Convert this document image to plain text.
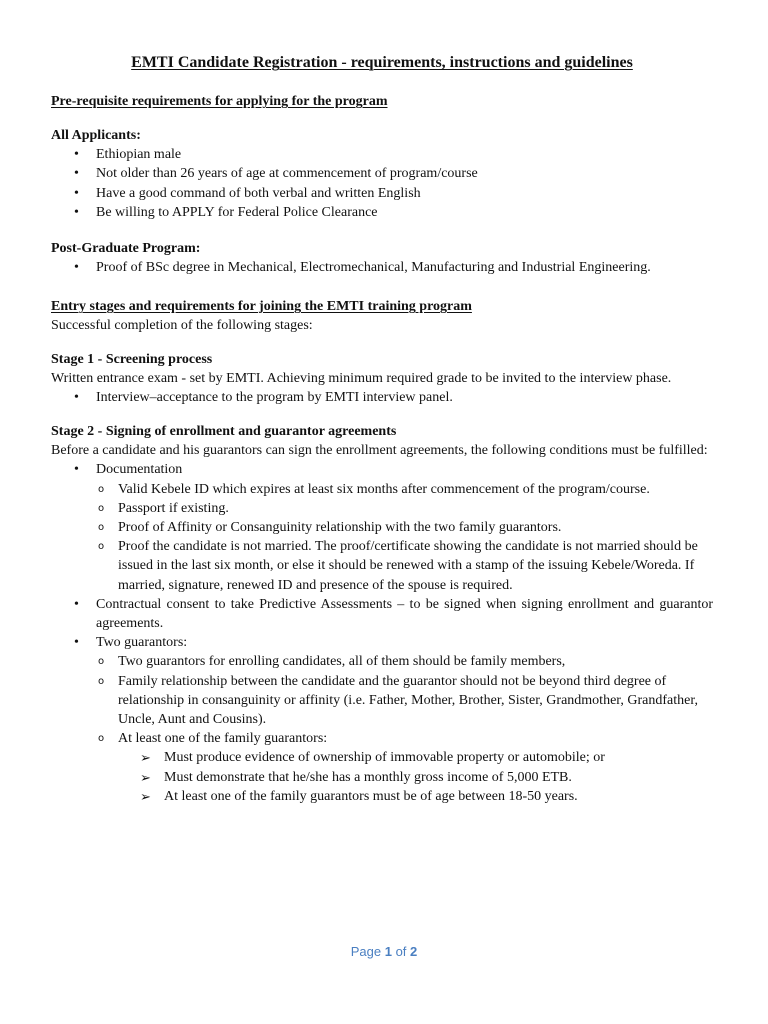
EMTI Candidate Registration - requirements, instructions and guidelines
Pre-requisite requirements for applying for the program
All Applicants:
• Ethiopian male
• Not older than 26 years of age at commencement of program/course
• Have a good command of both verbal and written English
• Be willing to APPLY for Federal Police Clearance
Post-Graduate Program:
• Proof of BSc degree in Mechanical, Electromechanical, Manufacturing and Industrial Engineering.
Entry stages and requirements for joining the EMTI training program
Successful completion of the following stages:
Stage 1 - Screening process
Written entrance exam - set by EMTI. Achieving minimum required grade to be invited to the interview phase.
• Interview–acceptance to the program by EMTI interview panel.
Stage 2 - Signing of enrollment and guarantor agreements
Before a candidate and his guarantors can sign the enrollment agreements, the following conditions must be fulfilled:
• Documentation
o Valid Kebele ID which expires at least six months after commencement of the program/course.
o Passport if existing.
o Proof of Affinity or Consanguinity relationship with the two family guarantors.
o Proof the candidate is not married. The proof/certificate showing the candidate is not married should be issued in the last six month, or else it should be renewed with a stamp of the issuing Kebele/Woreda. If married, signature, renewed ID and presence of the spouse is required.
• Contractual consent to take Predictive Assessments – to be signed when signing enrollment and guarantor agreements.
• Two guarantors:
o Two guarantors for enrolling candidates, all of them should be family members,
o Family relationship between the candidate and the guarantor should not be beyond third degree of relationship in consanguinity or affinity (i.e. Father, Mother, Brother, Sister, Grandmother, Grandfather, Uncle, Aunt and Cousins).
o At least one of the family guarantors:
➢ Must produce evidence of ownership of immovable property or automobile; or
➢ Must demonstrate that he/she has a monthly gross income of 5,000 ETB.
➢ At least one of the family guarantors must be of age between 18-50 years.
Page 1 of 2
